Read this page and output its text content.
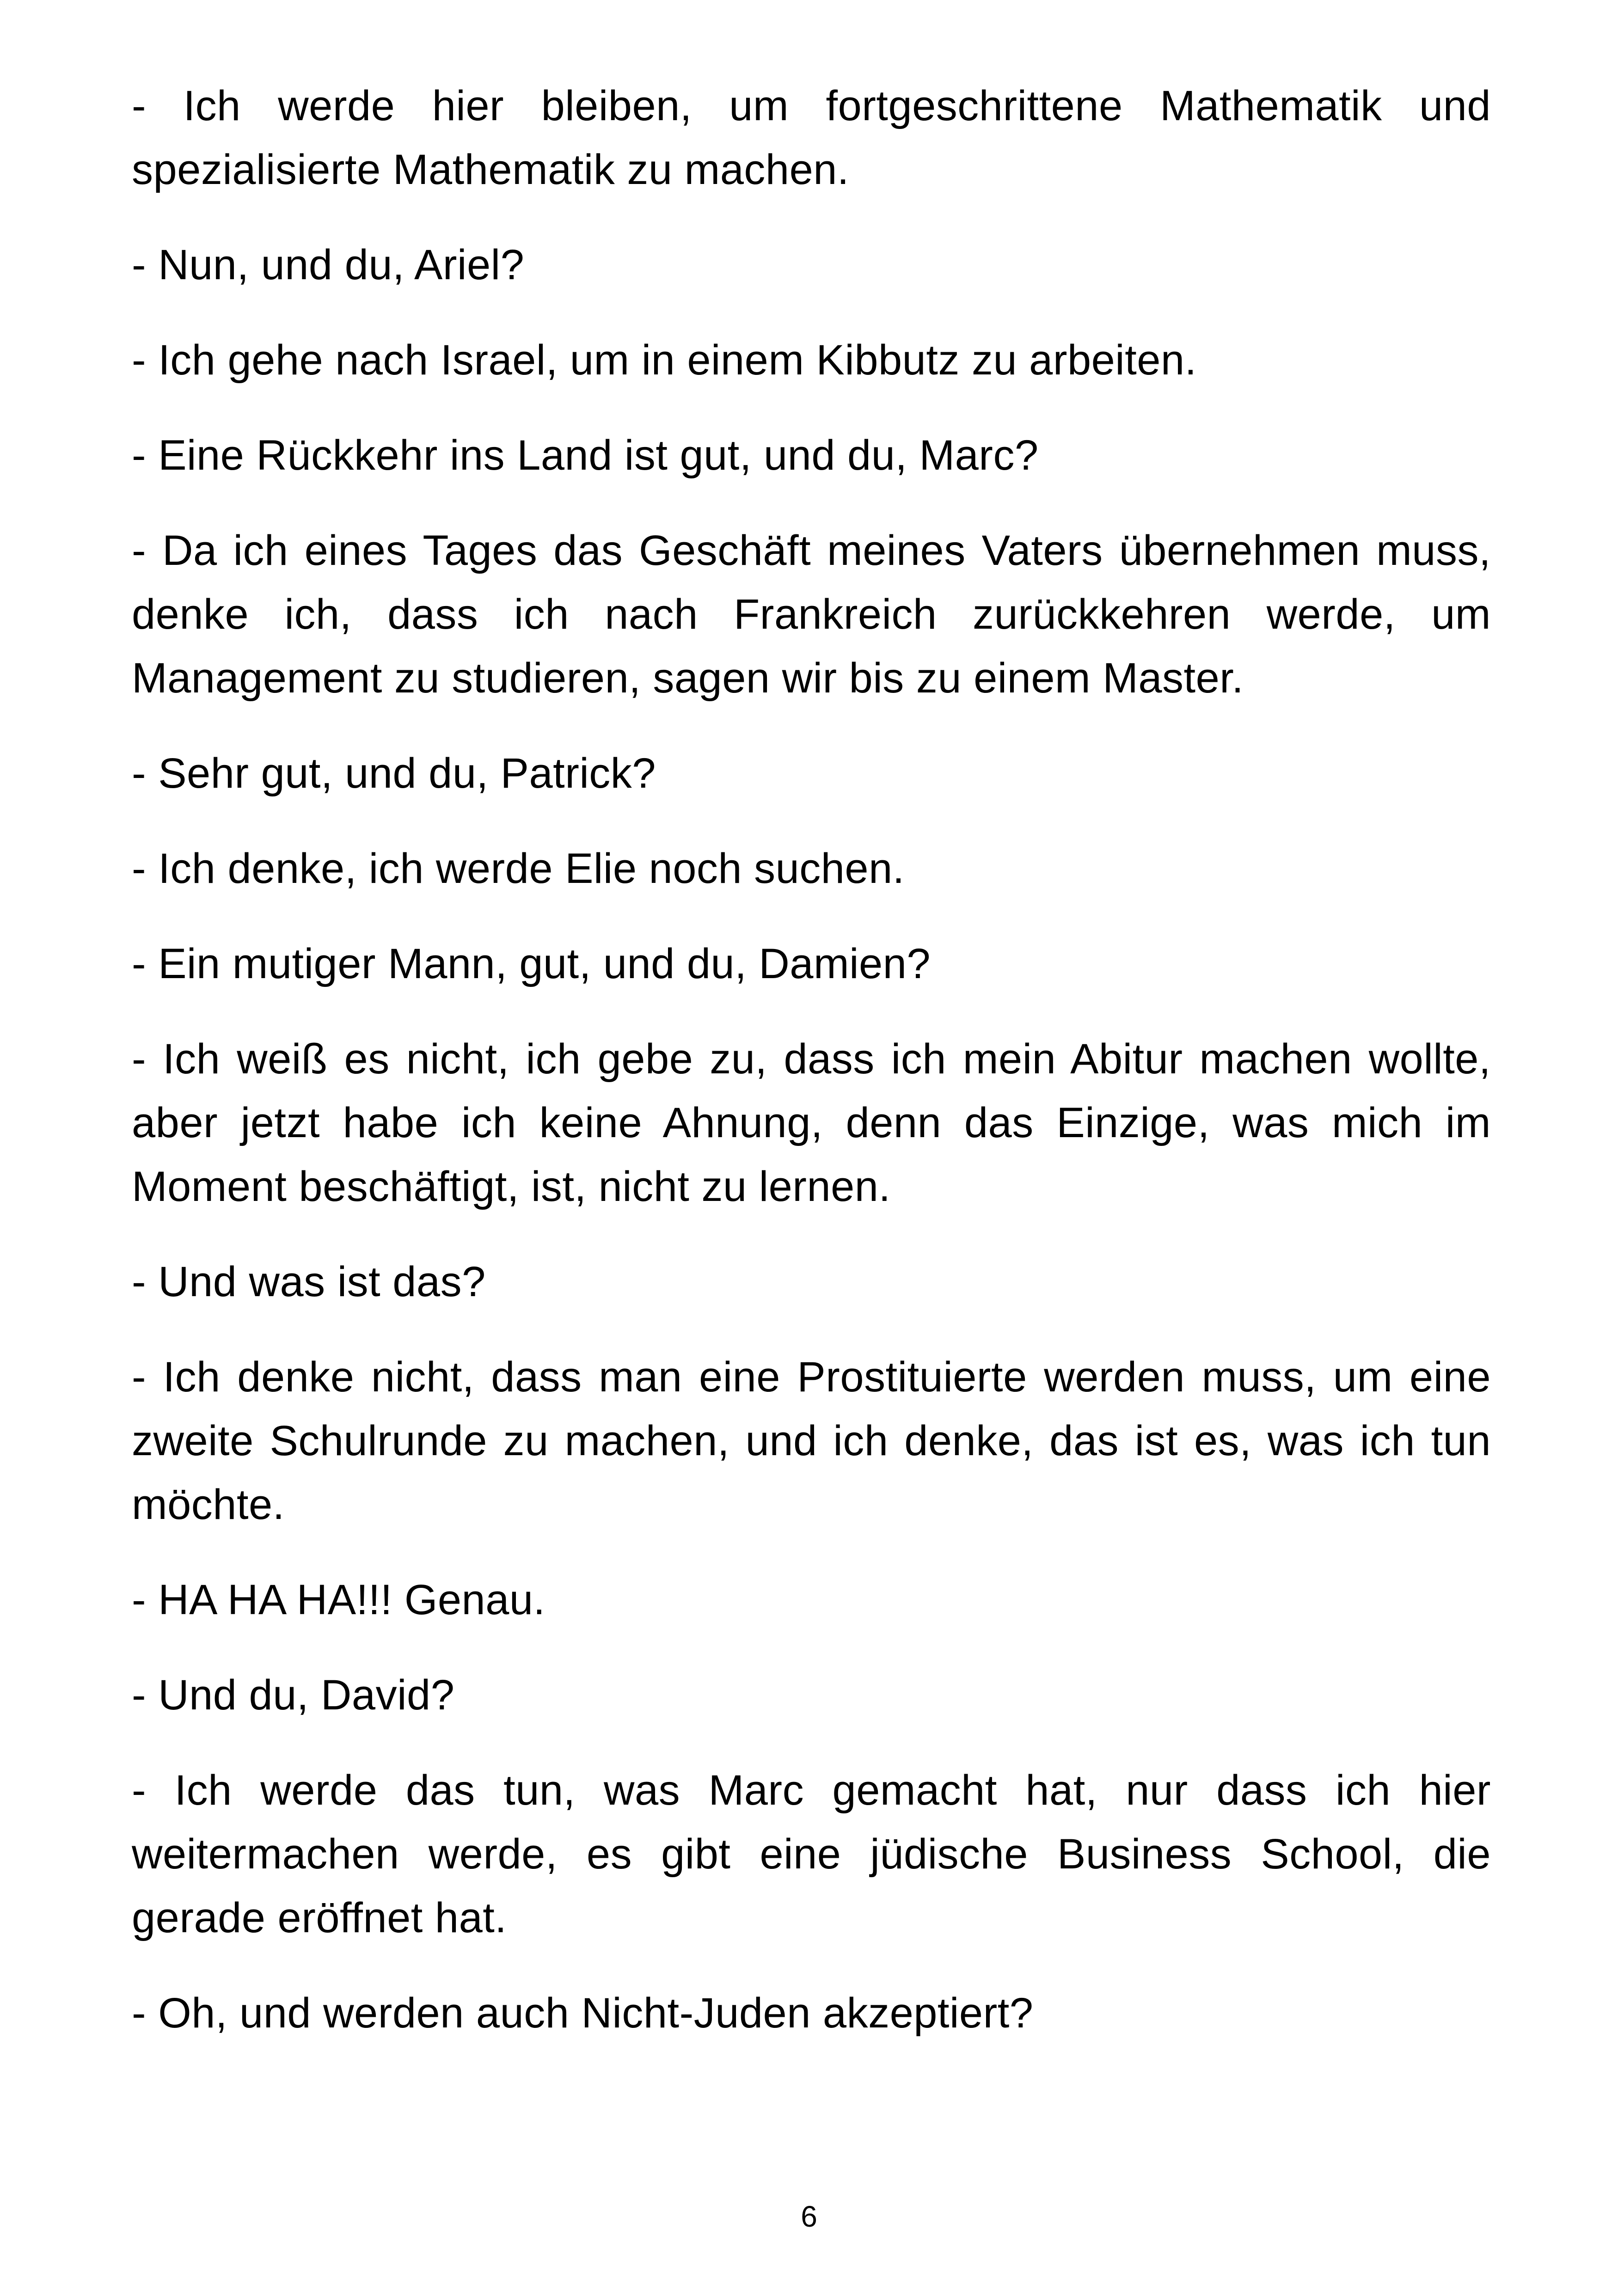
- Ich werde hier bleiben, um fortgeschrittene Mathematik und spezialisierte Mathematik zu machen.

- Nun, und du, Ariel?

- Ich gehe nach Israel, um in einem Kibbutz zu arbeiten.

- Eine Rückkehr ins Land ist gut, und du, Marc?

- Da ich eines Tages das Geschäft meines Vaters übernehmen muss, denke ich, dass ich nach Frankreich zurückkehren werde, um Management zu studieren, sagen wir bis zu einem Master.

- Sehr gut, und du, Patrick?

- Ich denke, ich werde Elie noch suchen.

- Ein mutiger Mann, gut, und du, Damien?

- Ich weiß es nicht, ich gebe zu, dass ich mein Abitur machen wollte, aber jetzt habe ich keine Ahnung, denn das Einzige, was mich im Moment beschäftigt, ist, nicht zu lernen.

- Und was ist das?

- Ich denke nicht, dass man eine Prostituierte werden muss, um eine zweite Schulrunde zu machen, und ich denke, das ist es, was ich tun möchte.

- HA HA HA!!! Genau.

- Und du, David?

- Ich werde das tun, was Marc gemacht hat, nur dass ich hier weitermachen werde, es gibt eine jüdische Business School, die gerade eröffnet hat.

- Oh, und werden auch Nicht-Juden akzeptiert?

6
